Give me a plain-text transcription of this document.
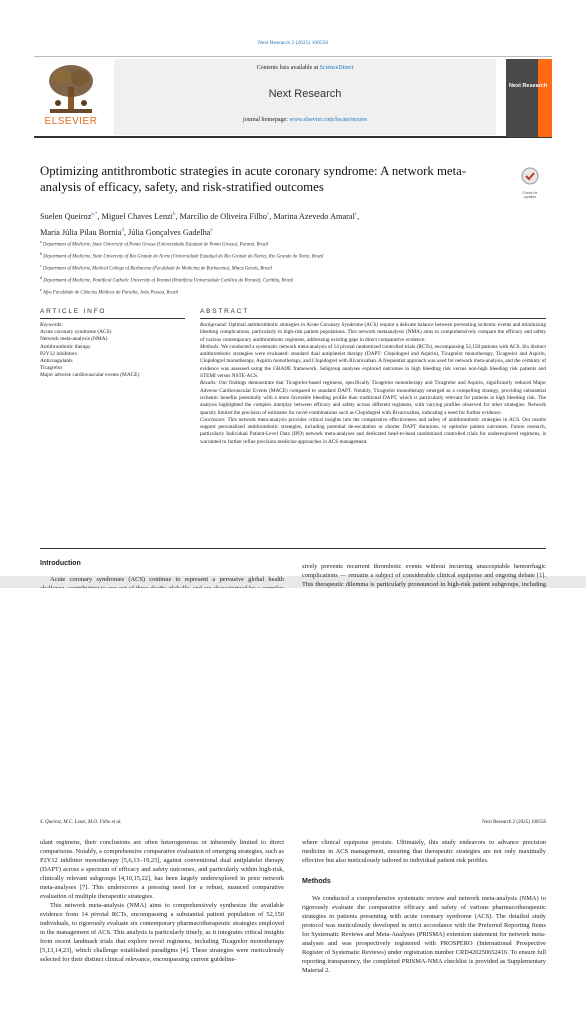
Next Research 2 (2025) 100556
ELSEVIER
Contents lists available at ScienceDirect
Next Research
journal homepage: www.elsevier.com/locate/nexres
Next Research
Optimizing antithrombotic strategies in acute coronary syndrome: A network meta-analysis of efficacy, safety, and risk-stratified outcomes	Check for updates
Suelen Queiroz$^{a,*}$, Miguel Chaves Lenzi$^b$, Marcílio de Oliveira Filho$^c$, Marina Azevedo Amaral$^c$,
Maria Júlia Pilau Bornia$^d$, Júlia Gonçalves Gadelha$^e$
$^a$ Department of Medicine, State University of Ponta Grossa (Universidade Estadual de Ponta Grossa), Paraná, Brazil
$^b$ Department of Medicine, State University of Rio Grande do Norte (Universidade Estadual do Rio Grande do Norte), Rio Grande do Norte, Brazil
$^c$ Department of Medicine, Medical College of Barbacena (Faculdade de Medicina de Barbacena), Minas Gerais, Brazil
$^d$ Department of Medicine, Pontifical Catholic University of Paraná (Pontifícia Universidade Católica do Paraná), Curitiba, Brazil
$^e$ Afya Faculdade de Ciências Médicas da Paraíba, João Pessoa, Brazil
ARTICLE INFO	ABSTRACT
Keywords:
Acute coronary syndrome (ACS)
Network meta-analysis (NMA)
Antithrombotic therapy
P2Y12 inhibitors
Anticoagulants
Ticagrelor
Major adverse cardiovascular events (MACE)

Background: Optimal antithrombotic strategies in Acute Coronary Syndrome (ACS) require a delicate balance between preventing ischemic events and minimizing bleeding complications, particularly in high-risk patient populations. This network metaanalysis (NMA) aims to comprehensively compare the efficacy and safety of various contemporary antithrombotic regimens, addressing existing gaps in direct comparative evidence.

Methods: We conducted a systematic network meta-analysis of 14 pivotal randomized controlled trials (RCTs), encompassing 52,150 patients with ACS. Six distinct antithrombotic strategies were evaluated: standard dual antiplatelet therapy (DAPT: Clopidogrel and Aspirin), Ticagrelor monotherapy, Ticagrelor and Aspirin, Clopidogrel monotherapy, Aspirin monotherapy, and Clopidogrel with Rivaroxaban. A frequentist approach was used for network meta-analysis, and the certainty of evidence was assessed using the GRADE framework. Subgroup analyses explored outcomes in high bleeding risk versus non-high bleeding risk patients and STEMI versus NSTE-ACS.

Results: Our findings demonstrate that Ticagrelor-based regimens, specifically Ticagrelor monotherapy and Ticagrelor and Aspirin, significantly reduced Major Adverse Cardiovascular Events (MACE) compared to standard DAPT. Notably, Ticagrelor monotherapy emerged as a compelling strategy, providing substantial ischemic benefits potentially with a more favorable bleeding profile than traditional DAPT, which is particularly relevant for patients at high bleeding risk. The analysis highlighted the complex interplay between efficacy and safety across different regimens, with varying profiles observed for other strategies. Network sparsity limited the precision of estimates for novel combinations such as Clopidogrel with Rivaroxaban, indicating a need for further evidence.

Conclusion: This network meta-analysis provides critical insights into the comparative effectiveness and safety of antithrombotic strategies in ACS. Our results support personalized antithrombotic strategies, including potential de-escalation or shorter DAPT durations, to optimize patient outcomes. Future research, particularly Individual Patient-Level Data (IPD) network meta-analyses and dedicated head-to-head randomized controlled trials for underexplored regimens, is warranted to further refine precision medicine approaches in ACS management.

Introduction
Acute coronary syndromes (ACS) continue to represent a pervasive global health
sively prevents recurrent thrombotic events without incurring unacceptable hemorrhagic complications — remains a subject of considerable clinical equipoise and ongoing debate [1]. This therapeutic dilemma is particularly pronounced in high-risk patient subgroups, including
S. Queiroz, M.C. Lenzi, M.O. Filho et al.	Next Research 2 (2025) 100556
ulant regimens, their conclusions are often heterogeneous or inherently limited to direct comparisons. Notably, a comprehensive comparative evaluation of emerging strategies, such as P2Y12 inhibitor monotherapy [5,6,13–19,23], against conventional dual antiplatelet therapy (DAPT) across a spectrum of efficacy and safety outcomes, and particularly within high-risk, clinically relevant subgroups [4,10,15,22], has been largely underexplored in prior network meta-analyses [7]. This underscores a pressing need for a robust, nuanced comparative evaluation of multiple therapeutic strategies.
This network meta-analysis (NMA) aims to comprehensively synthesize the available evidence from 14 pivotal RCTs, encompassing a substantial patient population of 52,150 individuals, to rigorously evaluate six contemporary pharmacotherapeutic strategies employed in the management of ACS. This analysis is particularly timely, as it integrates critical insights from recent landmark trials that explore novel regimens, including Ticagrelor monotherapy [5,13,14,23], which challenge established paradigms [4]. These strategies were meticulously selected for their distinct clinical relevance, encompassing current guideline-
where clinical equipoise persists. Ultimately, this study endeavors to advance precision medicine in ACS management, ensuring that therapeutic strategies are not only maximally effective but also meticulously tailored to individual patient risk profiles.
Methods
We conducted a comprehensive systematic review and network meta-analysis (NMA) to rigorously evaluate the comparative efficacy and safety of various pharmacotherapeutic strategies in patients presenting with acute coronary syndrome (ACS). The detailed study protocol was meticulously developed in strict accordance with the Preferred Reporting Items for Systematic Reviews and Meta-Analyses (PRISMA) extension statement for network meta-analyses and was prospectively registered with PROSPERO (International Prospective Register of Systematic Reviews) under registration number CRD420250652416. To ensure full reporting transparency, the completed PRISMA-NMA checklist is provided as Supplementary Material 2.
